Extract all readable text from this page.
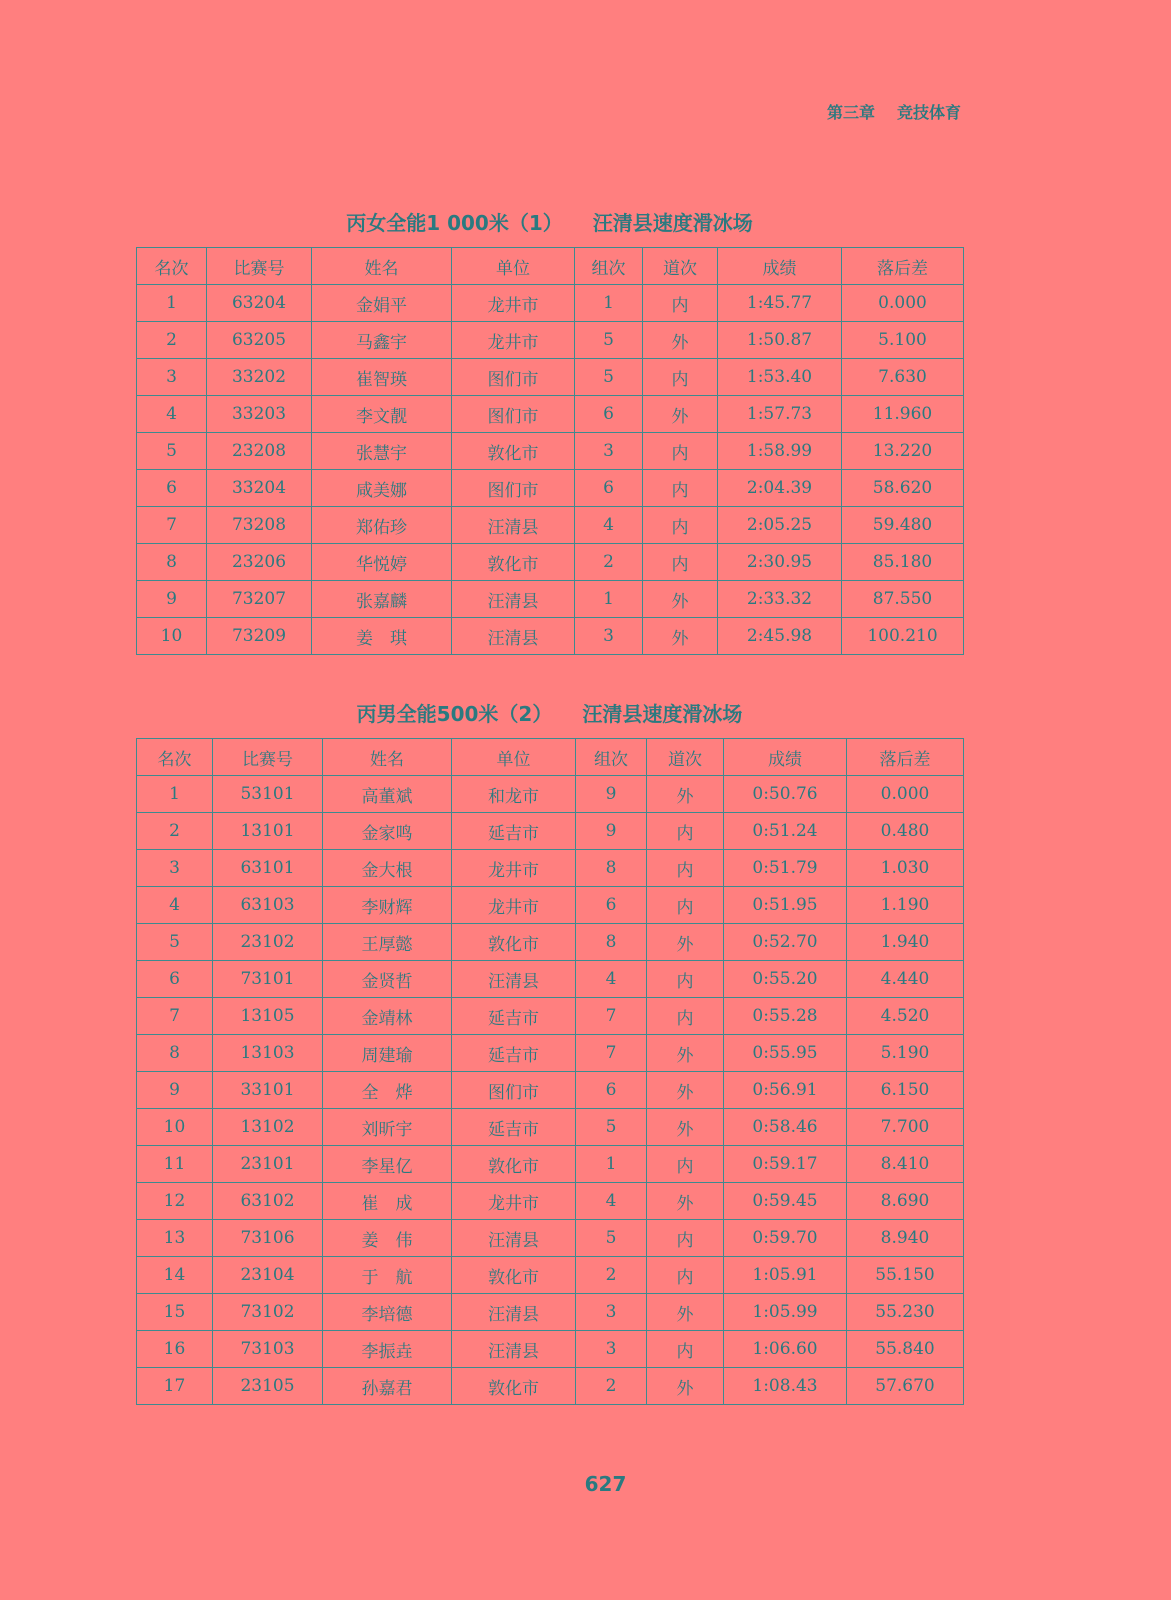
第三章 竞技体育
丙女全能1 000米（1） 汪清县速度滑冰场
名次	比赛号	姓名	单位	组次	道次	成绩	落后差
1	63204	金娟平	龙井市	1	内	1:45.77	0.000
2	63205	马鑫宇	龙井市	5	外	1:50.87	5.100
3	33202	崔智瑛	图们市	5	内	1:53.40	7.630
4	33203	李文靓	图们市	6	外	1:57.73	11.960
5	23208	张慧宇	敦化市	3	内	1:58.99	13.220
6	33204	咸美娜	图们市	6	内	2:04.39	58.620
7	73208	郑佑珍	汪清县	4	内	2:05.25	59.480
8	23206	华悦婷	敦化市	2	内	2:30.95	85.180
9	73207	张嘉麟	汪清县	1	外	2:33.32	87.550
10	73209	姜　琪	汪清县	3	外	2:45.98	100.210
丙男全能500米（2） 汪清县速度滑冰场
名次	比赛号	姓名	单位	组次	道次	成绩	落后差
1	53101	高董斌	和龙市	9	外	0:50.76	0.000
2	13101	金家鸣	延吉市	9	内	0:51.24	0.480
3	63101	金大根	龙井市	8	内	0:51.79	1.030
4	63103	李财辉	龙井市	6	内	0:51.95	1.190
5	23102	王厚懿	敦化市	8	外	0:52.70	1.940
6	73101	金贤哲	汪清县	4	内	0:55.20	4.440
7	13105	金靖林	延吉市	7	内	0:55.28	4.520
8	13103	周建瑜	延吉市	7	外	0:55.95	5.190
9	33101	全　烨	图们市	6	外	0:56.91	6.150
10	13102	刘昕宇	延吉市	5	外	0:58.46	7.700
11	23101	李星亿	敦化市	1	内	0:59.17	8.410
12	63102	崔　成	龙井市	4	外	0:59.45	8.690
13	73106	姜　伟	汪清县	5	内	0:59.70	8.940
14	23104	于　航	敦化市	2	内	1:05.91	55.150
15	73102	李培德	汪清县	3	外	1:05.99	55.230
16	73103	李振垚	汪清县	3	内	1:06.60	55.840
17	23105	孙嘉君	敦化市	2	外	1:08.43	57.670
627
